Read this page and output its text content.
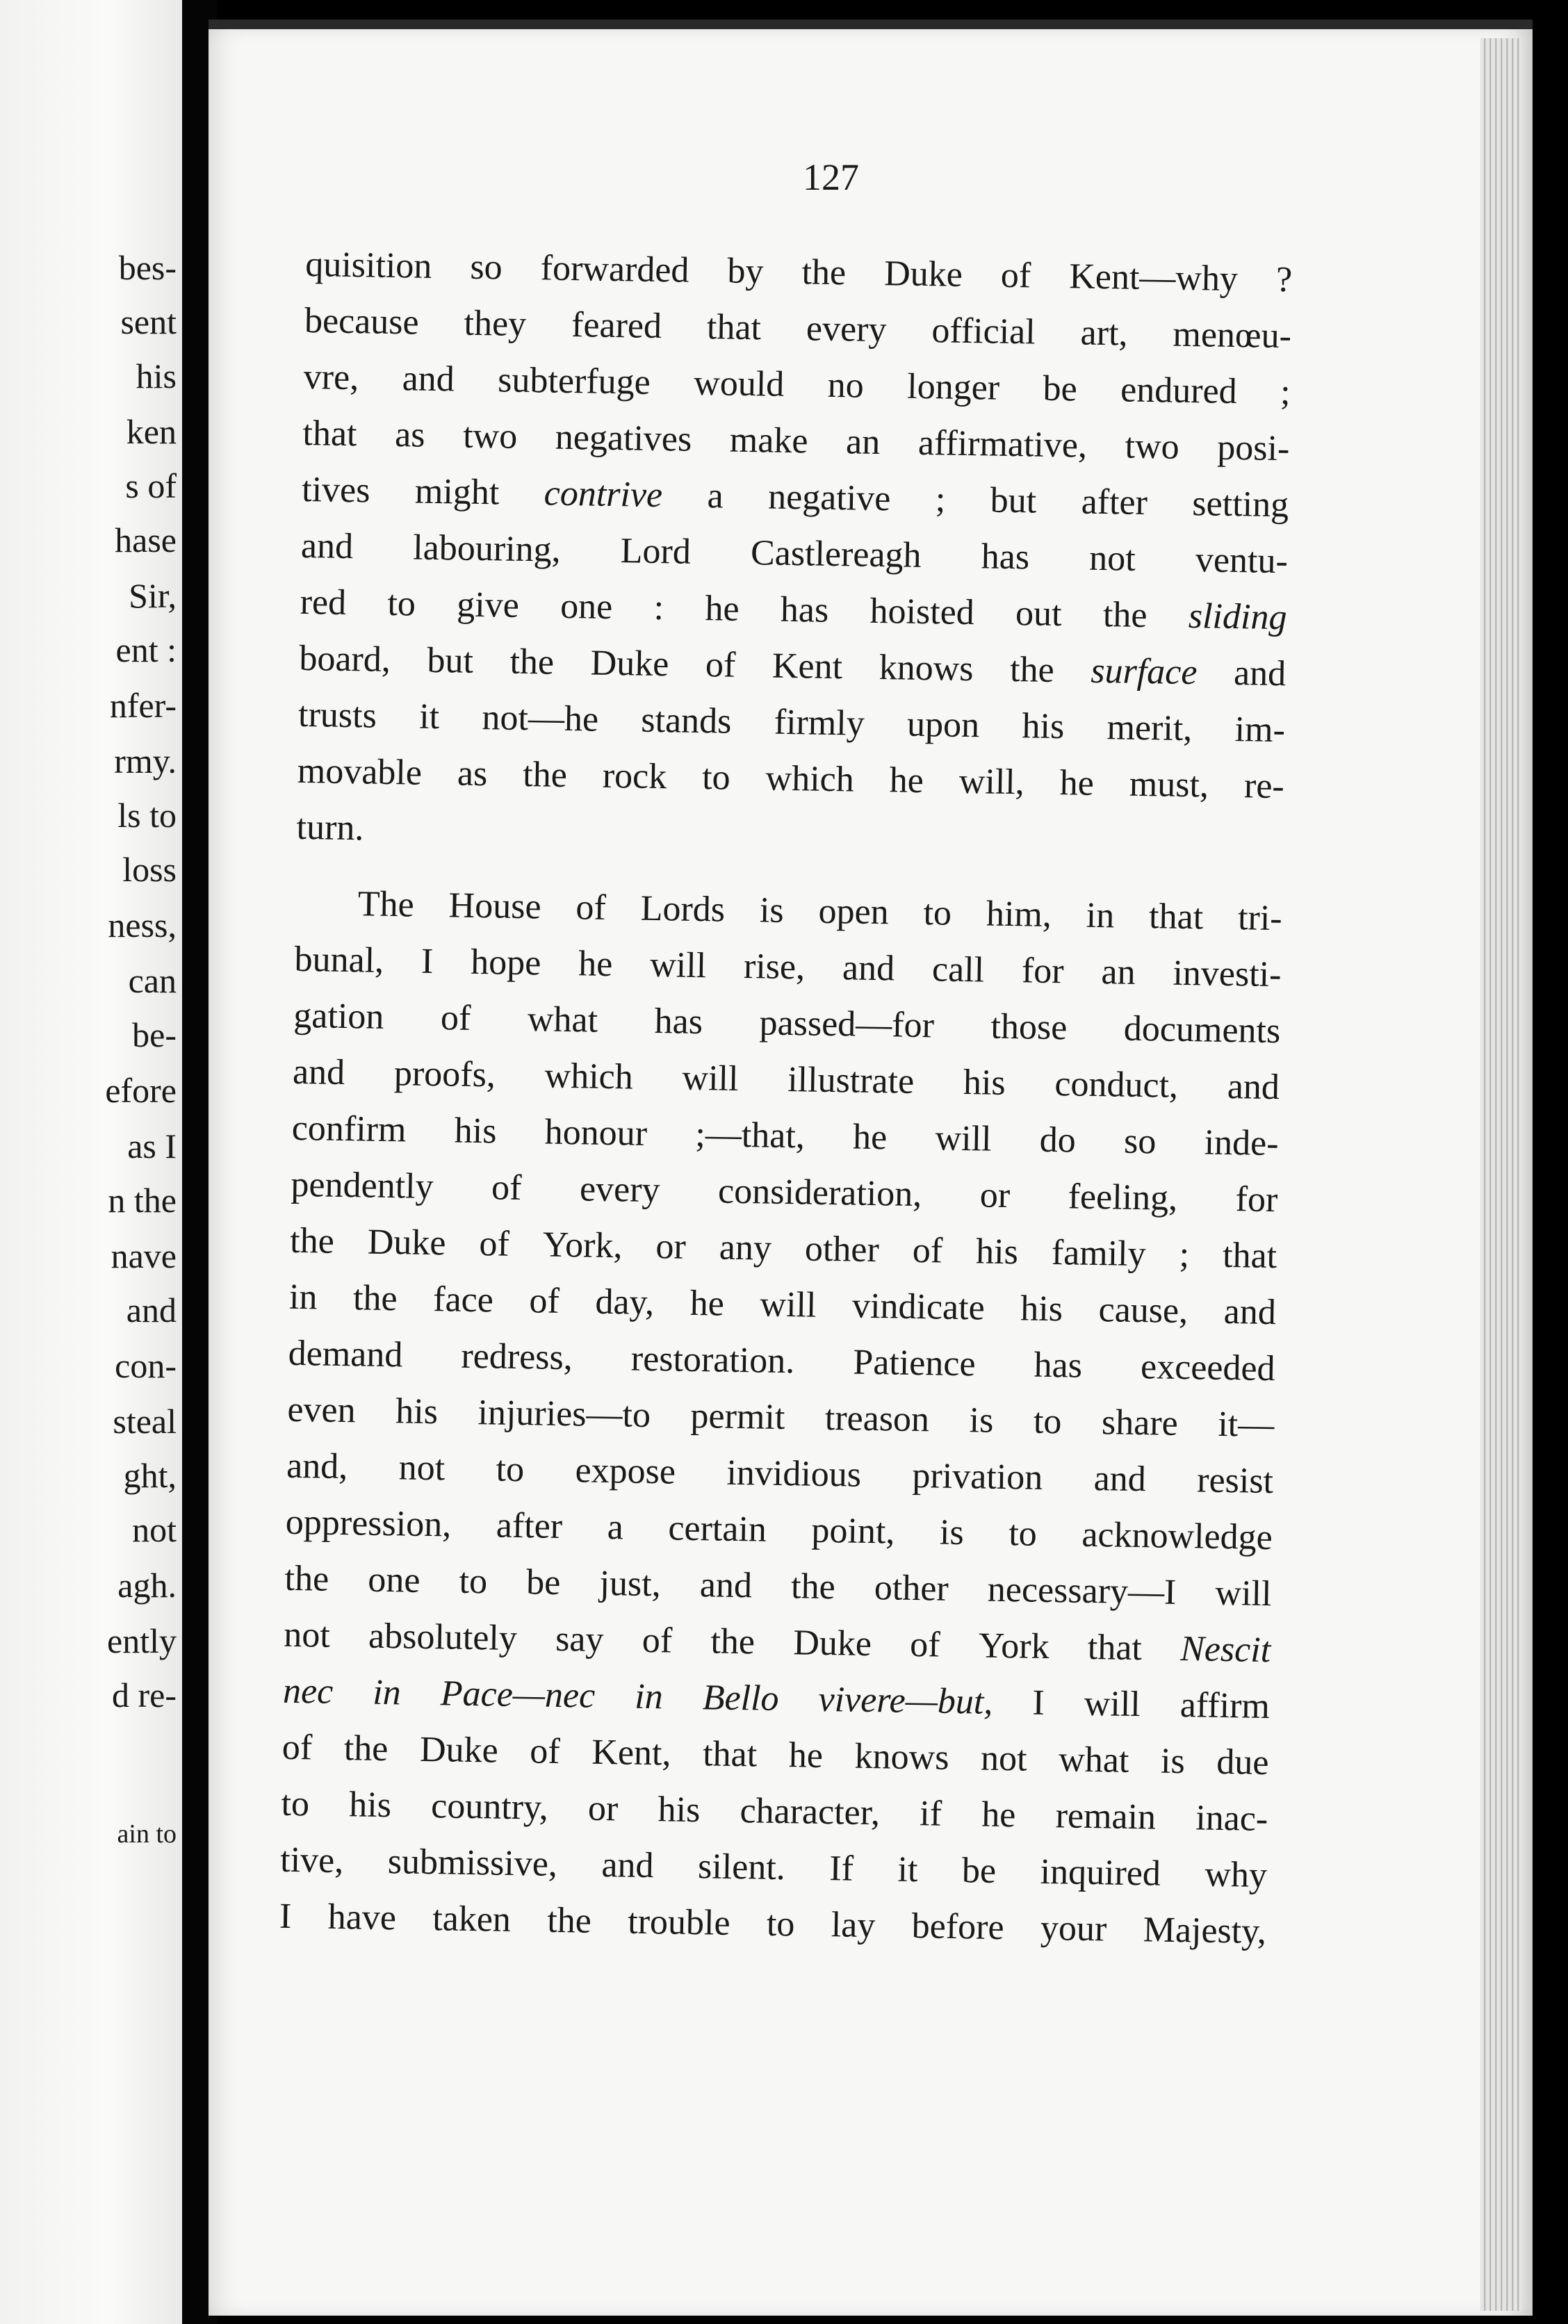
bes-
sent
his
ken
s of
hase
Sir,
ent :
nfer-
rmy.
ls to
loss
ness,
can
be-
efore
as I
n the
nave
and
con-
steal
ght,
not
agh.
ently
d re-
ain to
127
quisition so forwarded by the Duke of Kent—why ?
because they feared that every official art, menœu-
vre, and subterfuge would no longer be endured ;
that as two negatives make an affirmative, two posi-
tives might contrive a negative ; but after setting
and labouring, Lord Castlereagh has not ventu-
red to give one : he has hoisted out the sliding
board, but the Duke of Kent knows the surface and
trusts it not—he stands firmly upon his merit, im-
movable as the rock to which he will, he must, re-
turn.
The House of Lords is open to him, in that tri-
bunal, I hope he will rise, and call for an investi-
gation of what has passed—for those documents
and proofs, which will illustrate his conduct, and
confirm his honour ;—that, he will do so inde-
pendently of every consideration, or feeling, for
the Duke of York, or any other of his family ; that
in the face of day, he will vindicate his cause, and
demand redress, restoration. Patience has exceeded
even his injuries—to permit treason is to share it—
and, not to expose invidious privation and resist
oppression, after a certain point, is to acknowledge
the one to be just, and the other necessary—I will
not absolutely say of the Duke of York that Nescit
nec in Pace—nec in Bello vivere—but, I will affirm
of the Duke of Kent, that he knows not what is due
to his country, or his character, if he remain inac-
tive, submissive, and silent. If it be inquired why
I have taken the trouble to lay before your Majesty,
